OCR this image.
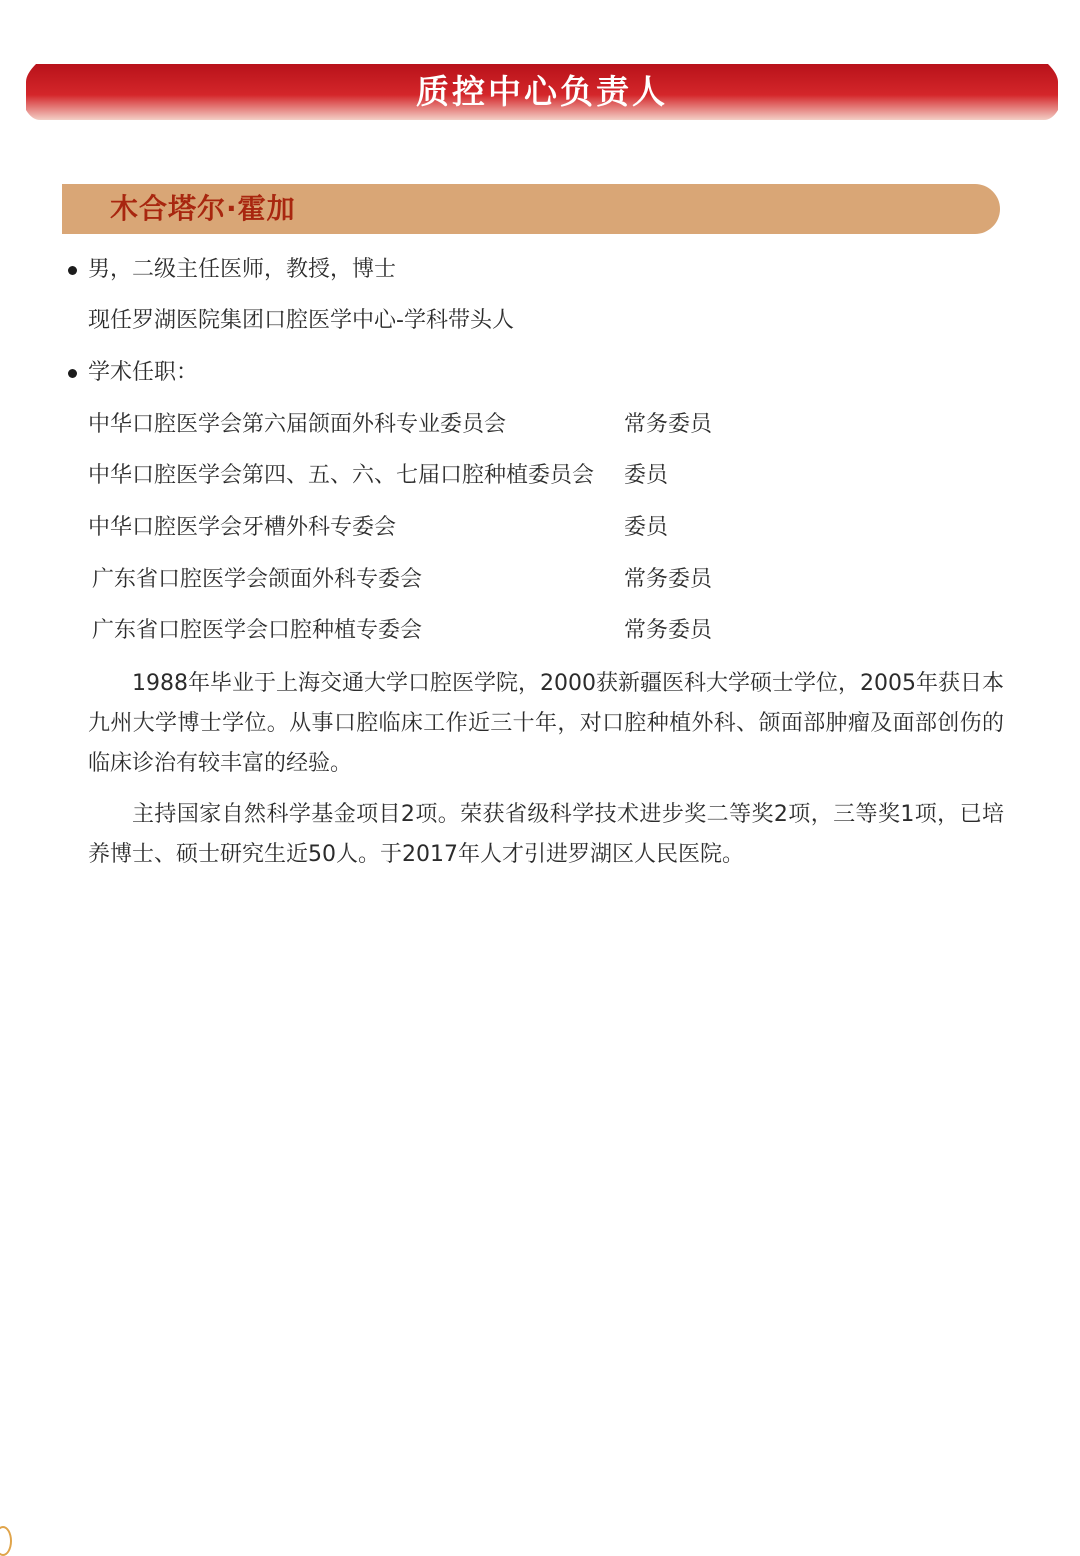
质控中心负责人
木合塔尔·霍加
男，二级主任医师，教授，博士
现任罗湖医院集团口腔医学中心-学科带头人
学术任职：
中华口腔医学会第六届颌面外科专业委员会	常务委员
中华口腔医学会第四、五、六、七届口腔种植委员会 委员
中华口腔医学会牙槽外科专委会	委员
广东省口腔医学会颌面外科专委会	常务委员
广东省口腔医学会口腔种植专委会	常务委员

1988年毕业于上海交通大学口腔医学院，2000获新疆医科大学硕士学位，2005年获日本九州大学博士学位。从事口腔临床工作近三十年，对口腔种植外科、颌面部肿瘤及面部创伤的临床诊治有较丰富的经验。

主持国家自然科学基金项目2项。荣获省级科学技术进步奖二等奖2项，三等奖1项，已培养博士、硕士研究生近50人。于2017年人才引进罗湖区人民医院。
